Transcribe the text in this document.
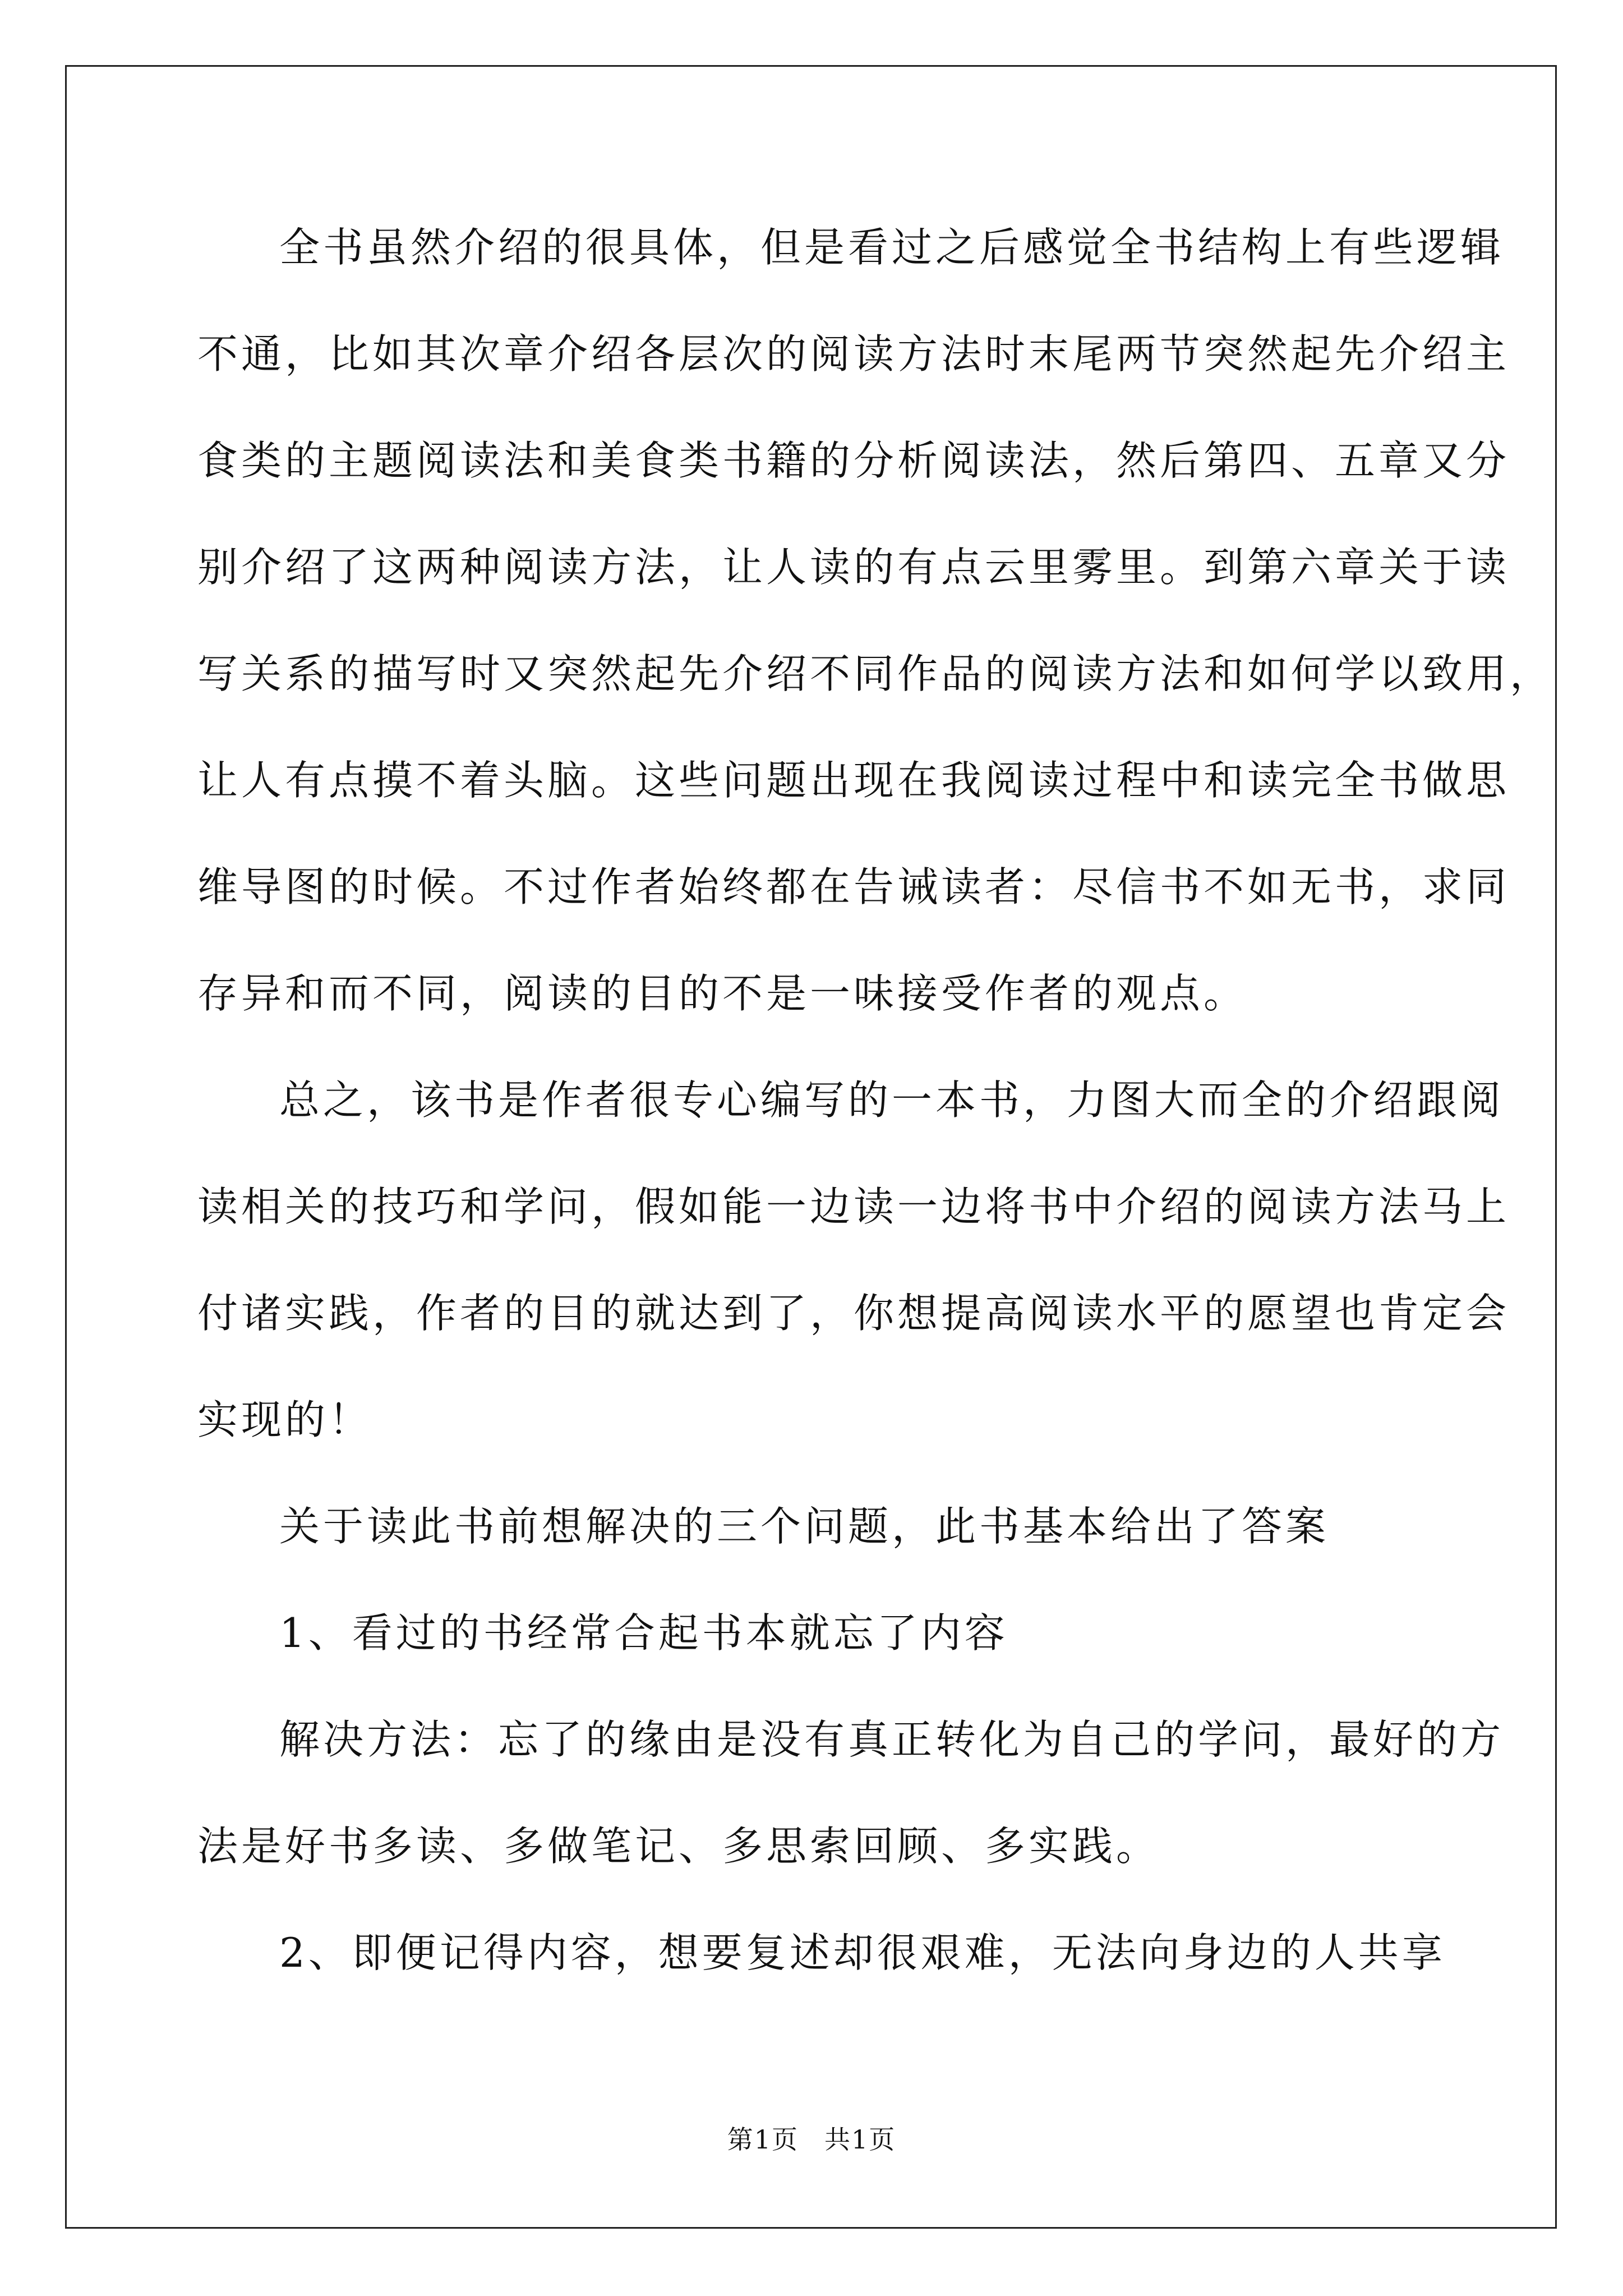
全书虽然介绍的很具体，但是看过之后感觉全书结构上有些逻辑
不通，比如其次章介绍各层次的阅读方法时末尾两节突然起先介绍主
食类的主题阅读法和美食类书籍的分析阅读法，然后第四、五章又分
别介绍了这两种阅读方法，让人读的有点云里雾里。到第六章关于读
写关系的描写时又突然起先介绍不同作品的阅读方法和如何学以致用，
让人有点摸不着头脑。这些问题出现在我阅读过程中和读完全书做思
维导图的时候。不过作者始终都在告诫读者：尽信书不如无书，求同
存异和而不同，阅读的目的不是一味接受作者的观点。
总之，该书是作者很专心编写的一本书，力图大而全的介绍跟阅
读相关的技巧和学问，假如能一边读一边将书中介绍的阅读方法马上
付诸实践，作者的目的就达到了，你想提高阅读水平的愿望也肯定会
实现的！
关于读此书前想解决的三个问题，此书基本给出了答案
1、看过的书经常合起书本就忘了内容
解决方法：忘了的缘由是没有真正转化为自己的学问，最好的方
法是好书多读、多做笔记、多思索回顾、多实践。
2、即便记得内容，想要复述却很艰难，无法向身边的人共享
第1页 共1页
